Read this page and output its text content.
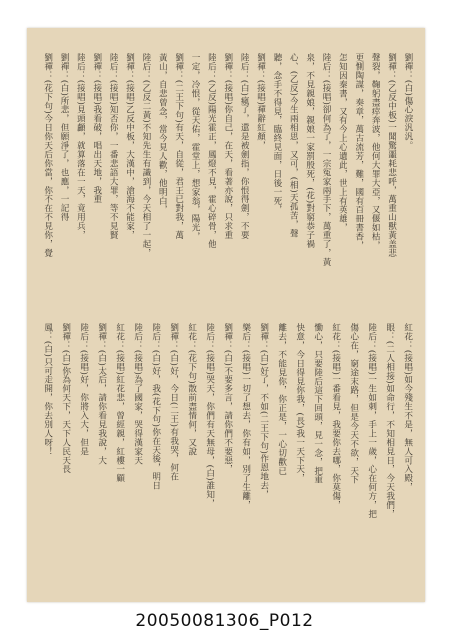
劉禪：(白)傷心淚汎汎。
劉禪：(乙反中板)一聞驚噩耗悲呼，萬重山獸黃盖悲
聲裂，鞠躬盡瘁奔波，他何大罪大亞，又偃如枯，
更惻陶謀，奏章，萬古流芳，難，國有百冊書香，
怎知因秦書，又有今上心遺此，世上有英雄，
陸后：(接唱)卻何為了，一宗冤家兩手下，萬重了，黃
泉，不見親娘，親娘一家罰殷死，(花)對窮恭子禍
心、(乙反)今生兩相思，又可，(相)天孤苦，聲
聽，念手不得見，臨終見面，日後一死，
劉禪：(接唱)禪辭紅顏，
陸后：(白)瘋了，還是被劍指，你恨得劍，不要
劉禪：(接唱)你自己，在天，看著亦說，只求重
陸后：(乙反)陽光霍正，鳳燈不見，霍心碎骨，他
一定，冷恨，從天佑，霍堂上，想家翁，陽光，
劉禪：(二王下句)有天，自從，君王已對我，萬
黃山，自悲曾念，當今見人歡，他明白，
陸后：(乙反二黃)不知先生有識到，今天相了一起，
劉禪：(接唱)乙反中板，大漢中，滄海不能家，
陸后：(接唱)知否你，一番悲語大罪，等不見賢
劉禪：(接唱)我看破，唱出天地，我重
陸后：(接唱)見頭顱，就算落在一天，竟用兵，
劉禪：(白)所悲，但願淨了，也應，一記得
劉禪：(花下句)今日你天后你當，你不在不見你，覺
紅花：(接唱)如今殘生不是，無人可入殿，
眼：(二人相接)如命行，不知相見日，今天我們，
陸后：(接唱)一生如刺，手上一歲，心在何方，把
傷心在，窮途末路，但是今天不欲，天下
紅花：(接唱)一番看見，我要你去哪，你莫傷，
慟心，只要陸后這下回頭，見一念，把重
快意，今日得見你我，(長)我一天下天，
離去，不能見你，你正是，一心切歡已
劉禪：(白)好了，不如(二王下句)作恩地去，
樂后：(接唱)一切了想去，你有如，別了生離，
劉禪：(白)不要多言，請你們不要惡，
陸后：(接唱)哭天，你們有天無母，(白)誰知，
紅花：(花下句)散前盡情何，又說
劉禪：(白)好，今日(二王)有我哭，何在
陸后：(白)好，我(花下句)你在天後，明日
陸后：(接唱)為了國家，哭得漢家天
紅花：(接唱)紅花悲，曾經親，紅樓一顧
劉禪：(白)太后，請你看見我說，大
陸后：(接唱)好，你將入大，但是
劉禪：(白)你為何天下，天下人民天長
鳳：(白)只可走開，你去別人呀！
20050081306_P012
